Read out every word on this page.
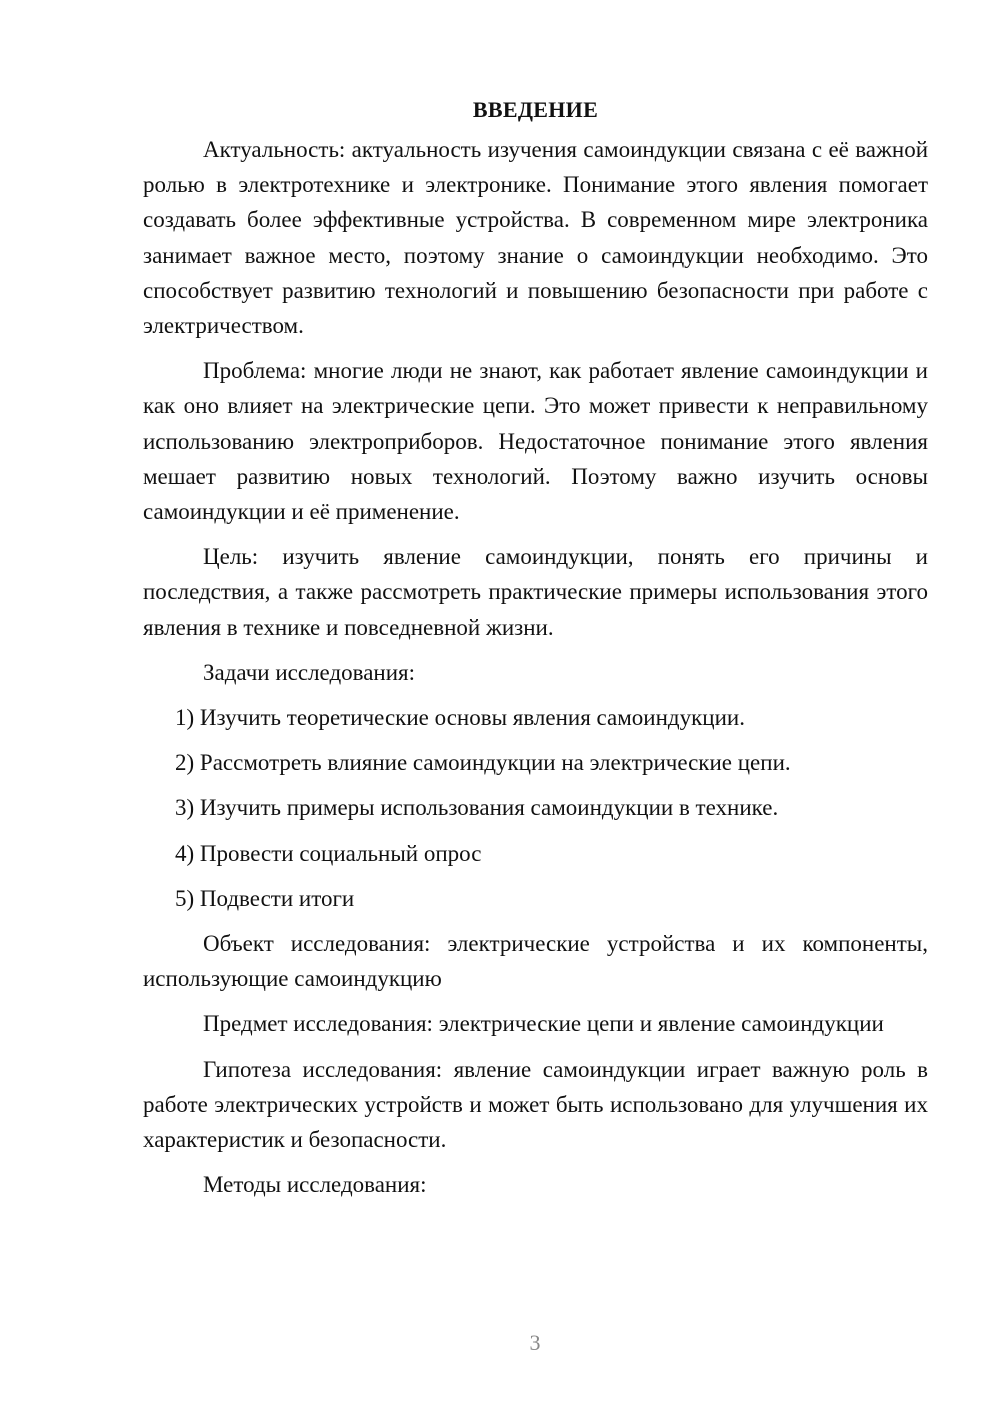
ВВЕДЕНИЕ

Актуальность: актуальность изучения самоиндукции связана с её важной ролью в электротехнике и электронике. Понимание этого явления помогает создавать более эффективные устройства. В современном мире электроника занимает важное место, поэтому знание о самоиндукции необходимо. Это способствует развитию технологий и повышению безопасности при работе с электричеством.

Проблема: многие люди не знают, как работает явление самоиндукции и как оно влияет на электрические цепи. Это может привести к неправильному использованию электроприборов. Недостаточное понимание этого явления мешает развитию новых технологий. Поэтому важно изучить основы самоиндукции и её применение.

Цель: изучить явление самоиндукции, понять его причины и последствия, а также рассмотреть практические примеры использования этого явления в технике и повседневной жизни.

Задачи исследования:

1) Изучить теоретические основы явления самоиндукции.
2) Рассмотреть влияние самоиндукции на электрические цепи.
3) Изучить примеры использования самоиндукции в технике.
4) Провести социальный опрос
5) Подвести итоги

Объект исследования: электрические устройства и их компоненты, использующие самоиндукцию

Предмет исследования: электрические цепи и явление самоиндукции

Гипотеза исследования: явление самоиндукции играет важную роль в работе электрических устройств и может быть использовано для улучшения их характеристик и безопасности.

Методы исследования:

3
